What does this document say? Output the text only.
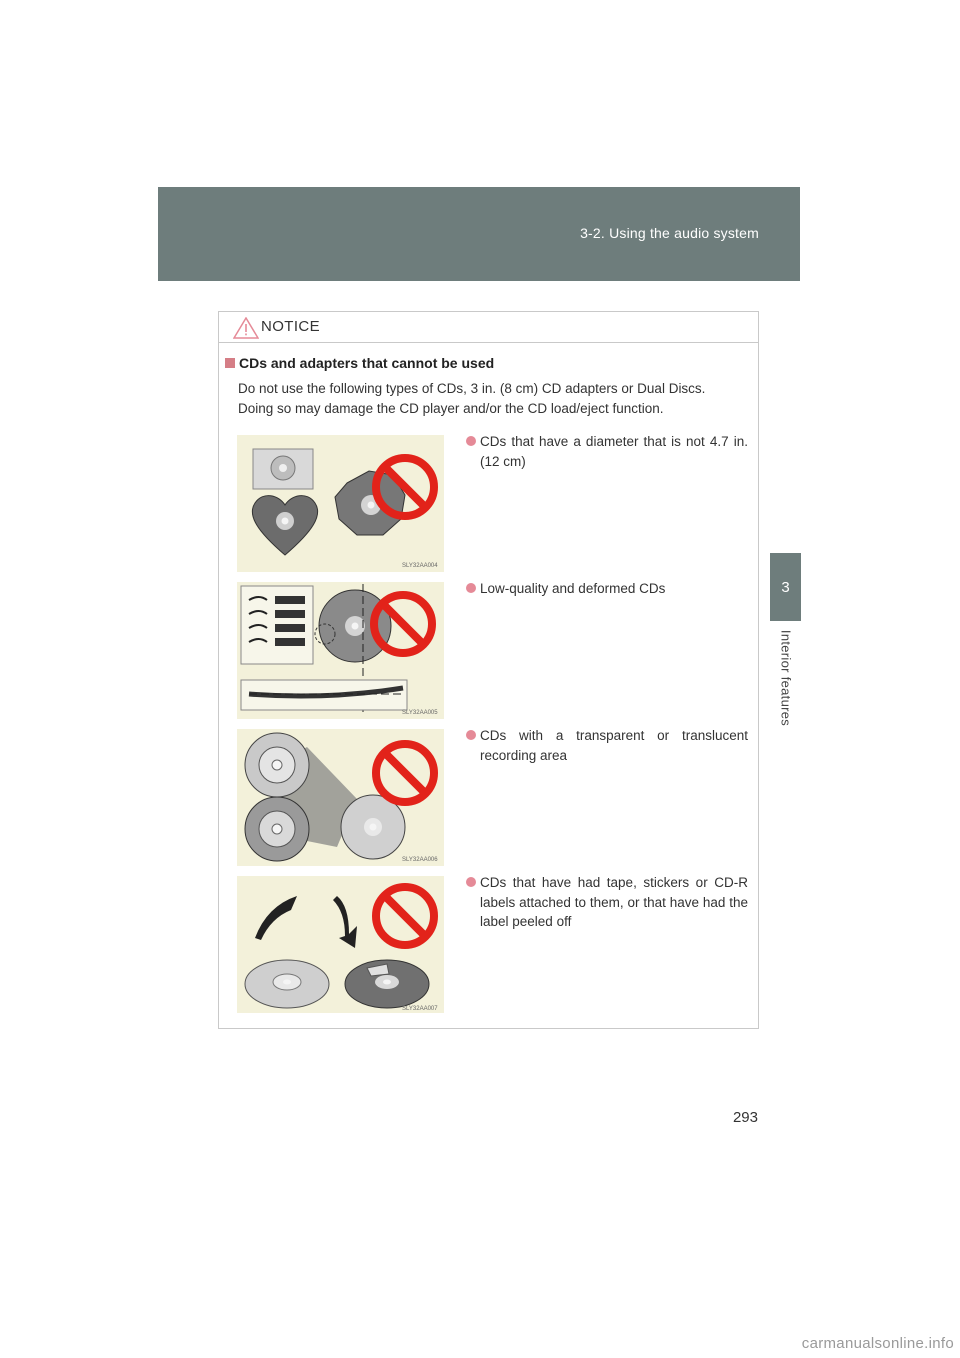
3-2. Using the audio system
3
Interior features
NOTICE
CDs and adapters that cannot be used
Do not use the following types of CDs, 3 in. (8 cm) CD adapters or Dual Discs. Doing so may damage the CD player and/or the CD load/eject function.
SLY32AA004
CDs that have a diameter that is not 4.7 in. (12 cm)
SLY32AA005
Low-quality and deformed CDs
SLY32AA006
CDs with a transparent or translucent recording area
SLY32AA007
CDs that have had tape, stickers or CD-R labels attached to them, or that have had the label peeled off
293
carmanualsonline.info
